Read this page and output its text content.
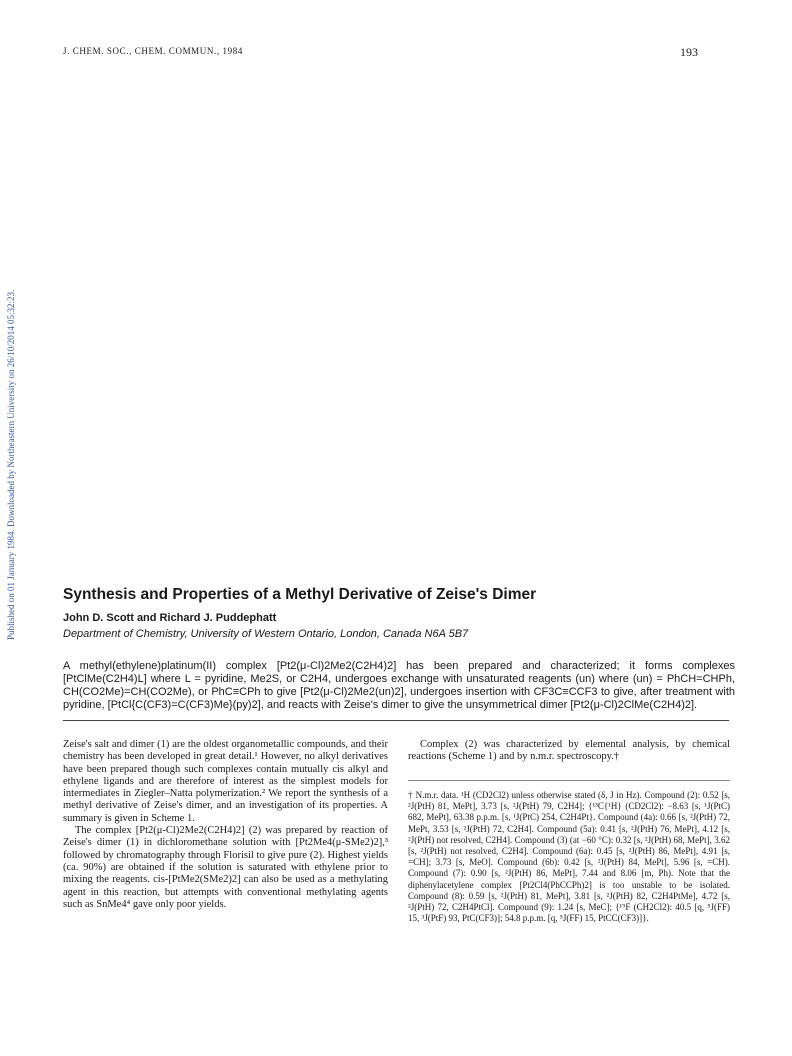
J. CHEM. SOC., CHEM. COMMUN., 1984	193
Published on 01 January 1984. Downloaded by Northeastern University on 26/10/2014 05:32:23.	Synthesis and Properties of a Methyl Derivative of Zeise's Dimer
John D. Scott and Richard J. Puddephatt
Department of Chemistry, University of Western Ontario, London, Canada N6A 5B7
A methyl(ethylene)platinum(II) complex [Pt2(μ-Cl)2Me2(C2H4)2] has been prepared and characterized; it forms complexes [PtClMe(C2H4)L] where L = pyridine, Me2S, or C2H4, undergoes exchange with unsaturated reagents (un) where (un) = PhCH=CHPh, CH(CO2Me)=CH(CO2Me), or PhC≡CPh to give [Pt2(μ-Cl)2Me2(un)2], undergoes insertion with CF3C≡CCF3 to give, after treatment with pyridine, [PtCl{C(CF3)=C(CF3)Me}(py)2], and reacts with Zeise's dimer to give the unsymmetrical dimer [Pt2(μ-Cl)2ClMe(C2H4)2].

Zeise's salt and dimer (1) are the oldest organometallic compounds, and their chemistry has been developed in great detail.¹ However, no alkyl derivatives have been prepared though such complexes contain mutually cis alkyl and ethylene ligands and are therefore of interest as the simplest models for intermediates in Ziegler–Natta polymerization.² We report the synthesis of a methyl derivative of Zeise's dimer, and an investigation of its properties. A summary is given in Scheme 1.

The complex [Pt2(μ-Cl)2Me2(C2H4)2] (2) was prepared by reaction of Zeise's dimer (1) in dichloromethane solution with [Pt2Me4(μ-SMe2)2],³ followed by chromatography through Florisil to give pure (2). Highest yields (ca. 90%) are obtained if the solution is saturated with ethylene prior to mixing the reagents. cis-[PtMe2(SMe2)2] can also be used as a methylating agent in this reaction, but attempts with conventional methylating agents such as SnMe4⁴ gave only poor yields.

Complex (2) was characterized by elemental analysis, by chemical reactions (Scheme 1) and by n.m.r. spectroscopy.†
† N.m.r. data. ¹H (CD2Cl2) unless otherwise stated (δ, J in Hz). Compound (2): 0.52 [s, ²J(PtH) 81, MePt], 3.73 [s, ²J(PtH) 79, C2H4]; {¹³C{¹H} (CD2Cl2): −8.63 [s, ¹J(PtC) 682, MePt], 63.38 p.p.m. [s, ¹J(PtC) 254, C2H4Pt}. Compound (4a): 0.66 [s, ²J(PtH) 72, MePt, 3.53 [s, ²J(PtH) 72, C2H4]. Compound (5a): 0.41 [s, ²J(PtH) 76, MePt], 4.12 [s, ²J(PtH) not resolved, C2H4]. Compound (3) (at −60 °C): 0.32 [s, ²J(PtH) 68, MePt], 3.62 [s, ²J(PtH) not resolved, C2H4]. Compound (6a): 0.45 [s, ²J(PtH) 86, MePt], 4.91 [s, =CH]; 3.73 [s, MeO]. Compound (6b): 0.42 [s, ²J(PtH) 84, MePt], 5.96 [s, =CH). Compound (7): 0.90 [s, ²J(PtH) 86, MePt], 7.44 and 8.06 [m, Ph). Note that the diphenylacetylene complex [Pt2Cl4(PhCCPh)2] is too unstable to be isolated. Compound (8): 0.59 [s, ²J(PtH) 81, MePt], 3.81 [s, ²J(PtH) 82, C2H4PtMe], 4.72 [s, ²J(PtH) 72, C2H4PtCl]. Compound (9): 1.24 [s, MeC]; {¹⁹F (CH2Cl2): 40.5 [q, ⁵J(FF) 15, ³J(PtF) 93, PtC(CF3)]; 54.8 p.p.m. [q, ⁵J(FF) 15, PtCC(CF3)]}.
